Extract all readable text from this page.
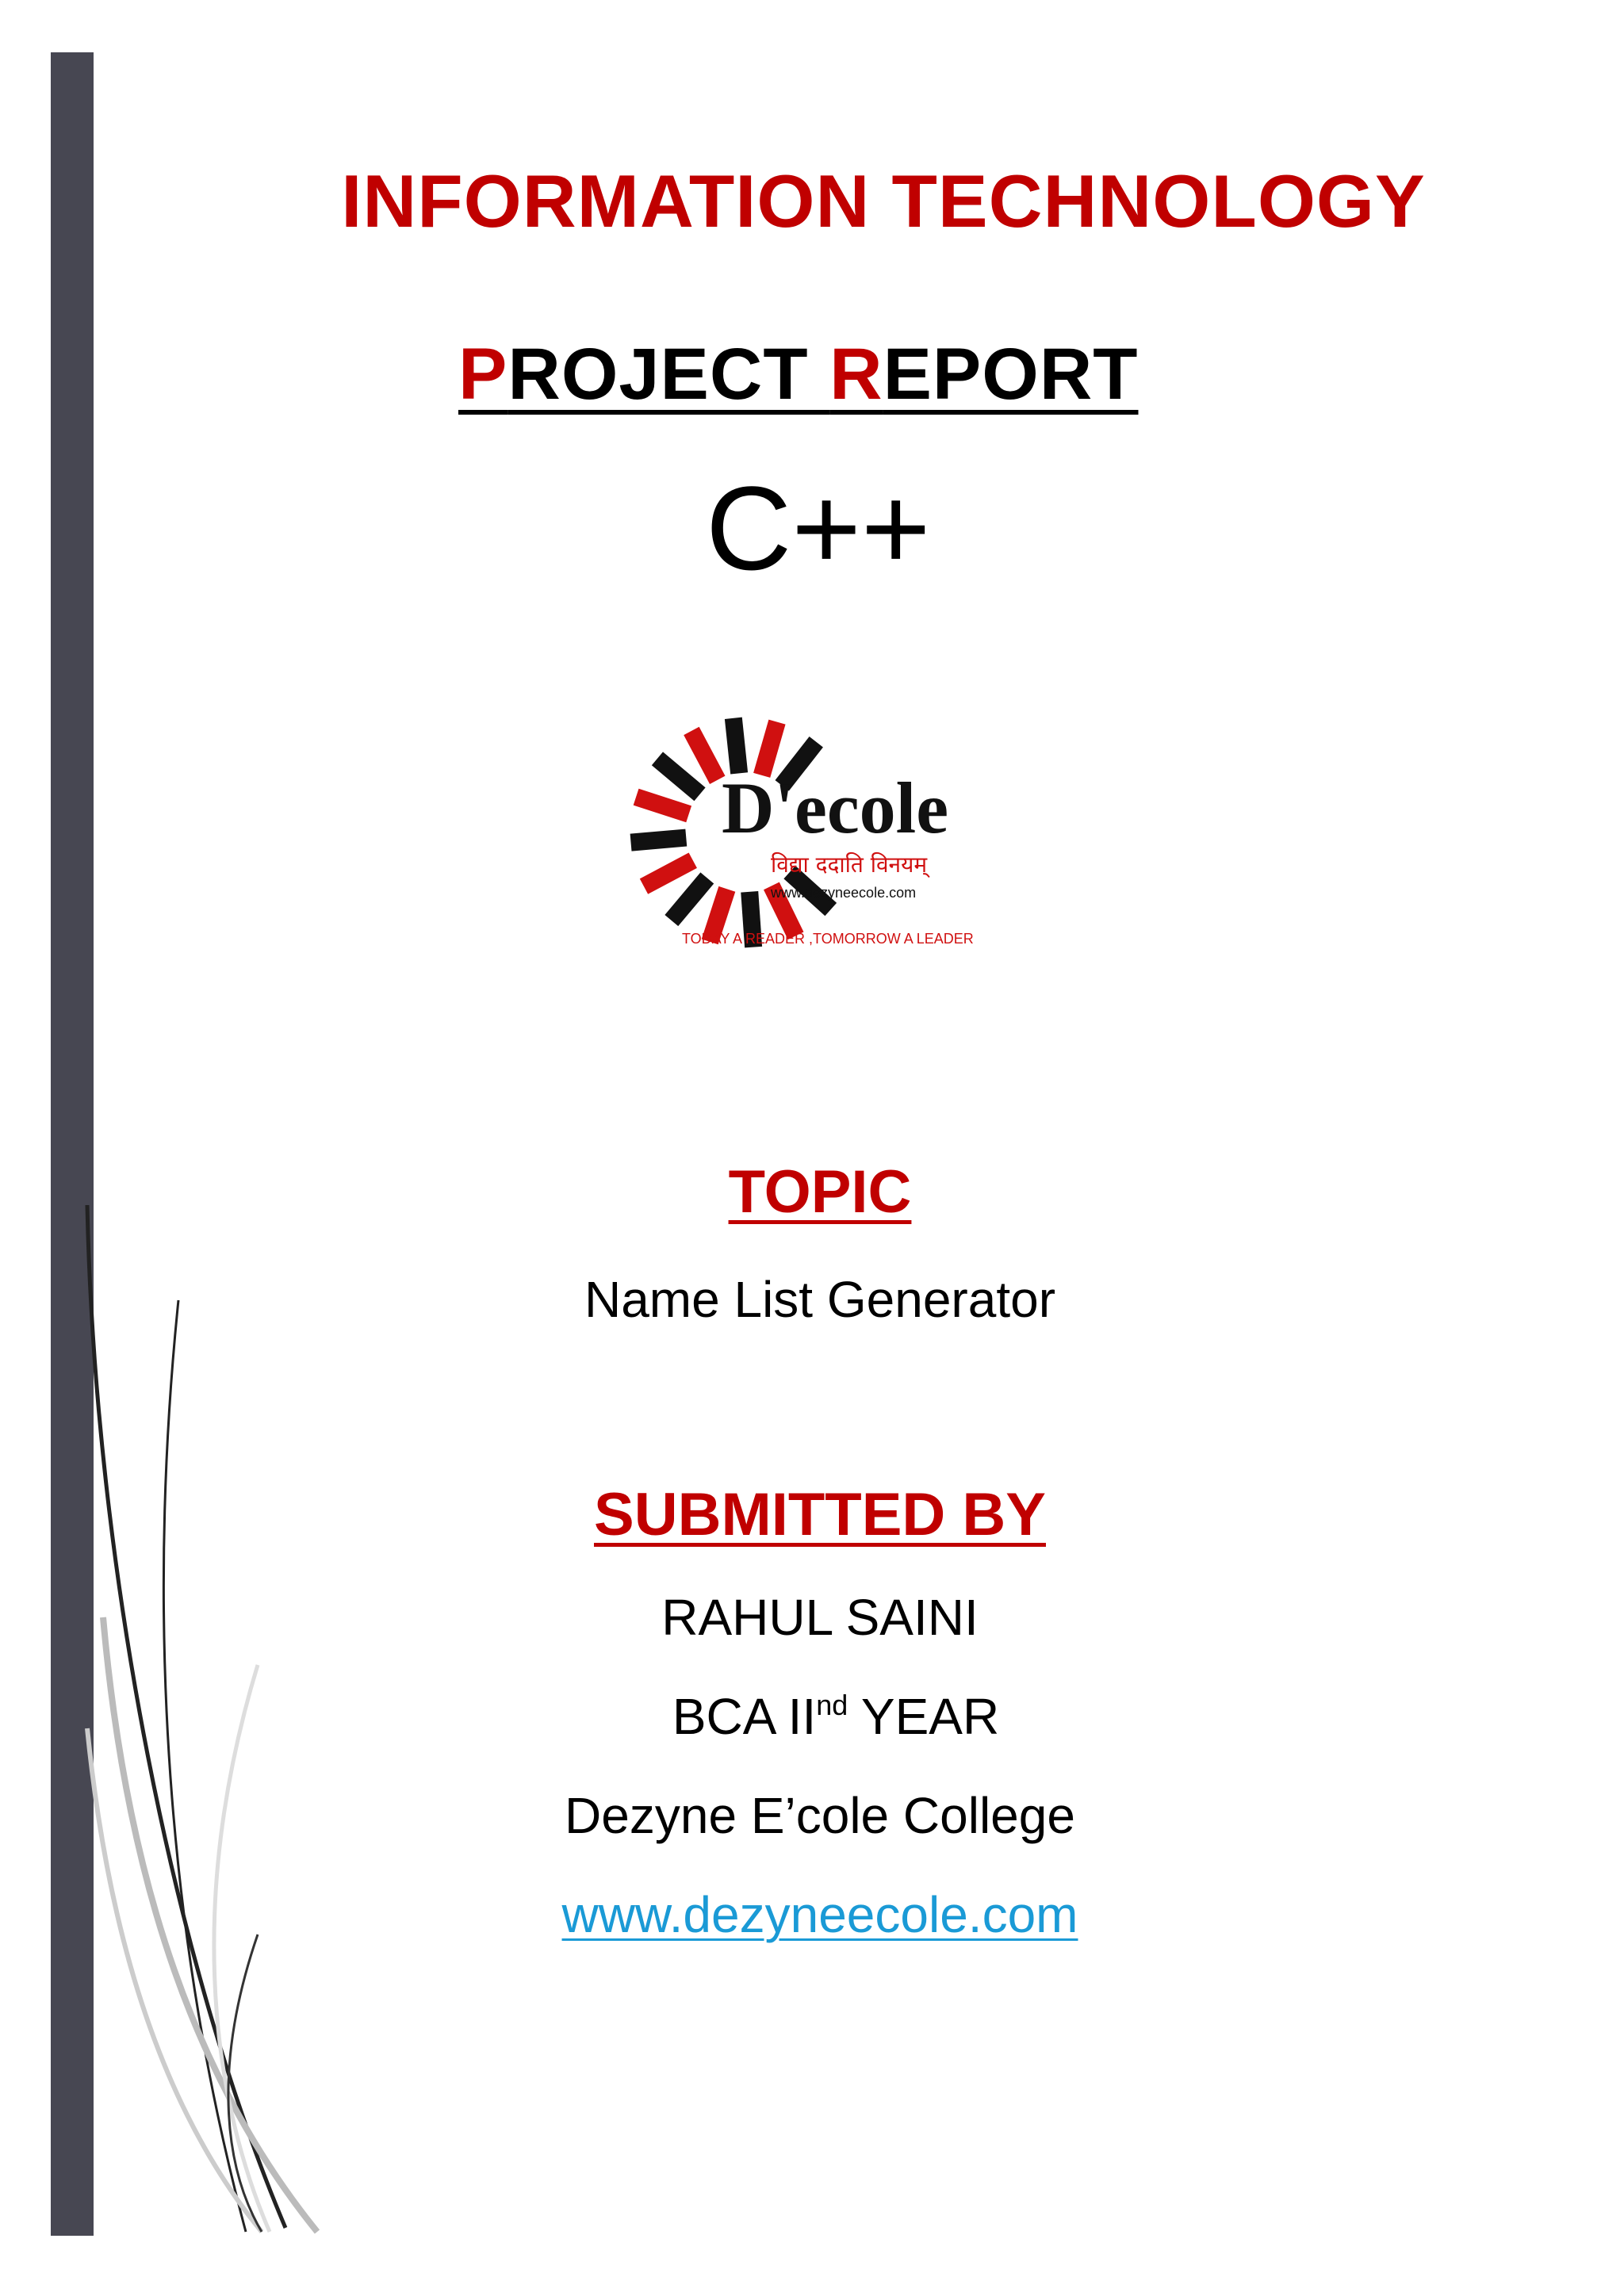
INFORMATION TECHNOLOGY
PROJECT REPORT
C++
D'ecole
विद्या ददाति विनयम्
www.dezyneecole.com
TODAY A READER ,TOMORROW A LEADER
TOPIC
Name List Generator
SUBMITTED BY
RAHUL SAINI
BCA IInd YEAR
Dezyne E’cole College
www.dezyneecole.com
